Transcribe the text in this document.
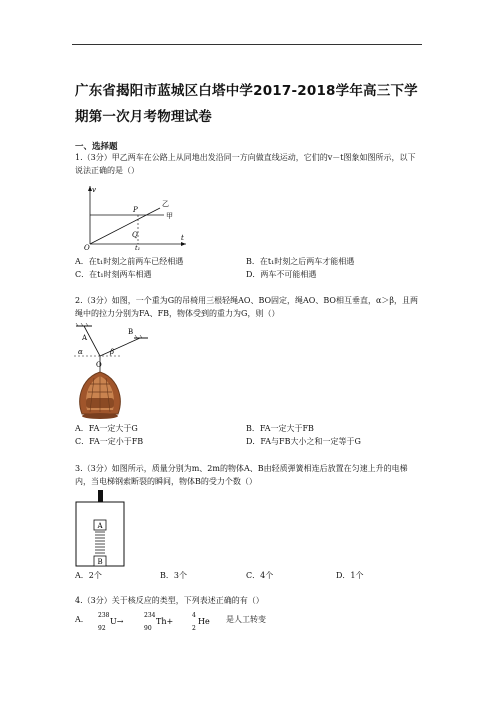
广东省揭阳市蓝城区白塔中学2017-2018学年高三下学期第一次月考物理试卷
一、选择题
1.（3分）甲乙两车在公路上从同地出发沿同一方向做直线运动，它们的v－t图象如图所示，以下说法正确的是（）
v
t
乙
甲
P
Q
O	t₁
A．在t₁时刻之前两车已经相遇	B．在t₁时刻之后两车才能相遇
C．在t₁时刻两车相遇	D．两车不可能相遇
2.（3分）如图，一个重为G的吊椅用三根轻绳AO、BO固定，绳AO、BO相互垂直，α＞β，且两绳中的拉力分别为FA、FB，物体受到的重力为G，则（）
A
B
O
α	β
A．FA一定大于G	B．FA一定大于FB
C．FA一定小于FB	D．FA与FB大小之和一定等于G
3.（3分）如图所示，质量分别为m、2m的物体A、B由轻质弹簧相连后放置在匀速上升的电梯内，当电梯钢索断裂的瞬间，物体B的受力个数（）
A
B
A．2个	B．3个	C．4个	D．1个
4.（3分）关于核反应的类型，下列表述正确的有（）
A． 238
92
U→
234
90
Th+
4
2
He 是人工转变
